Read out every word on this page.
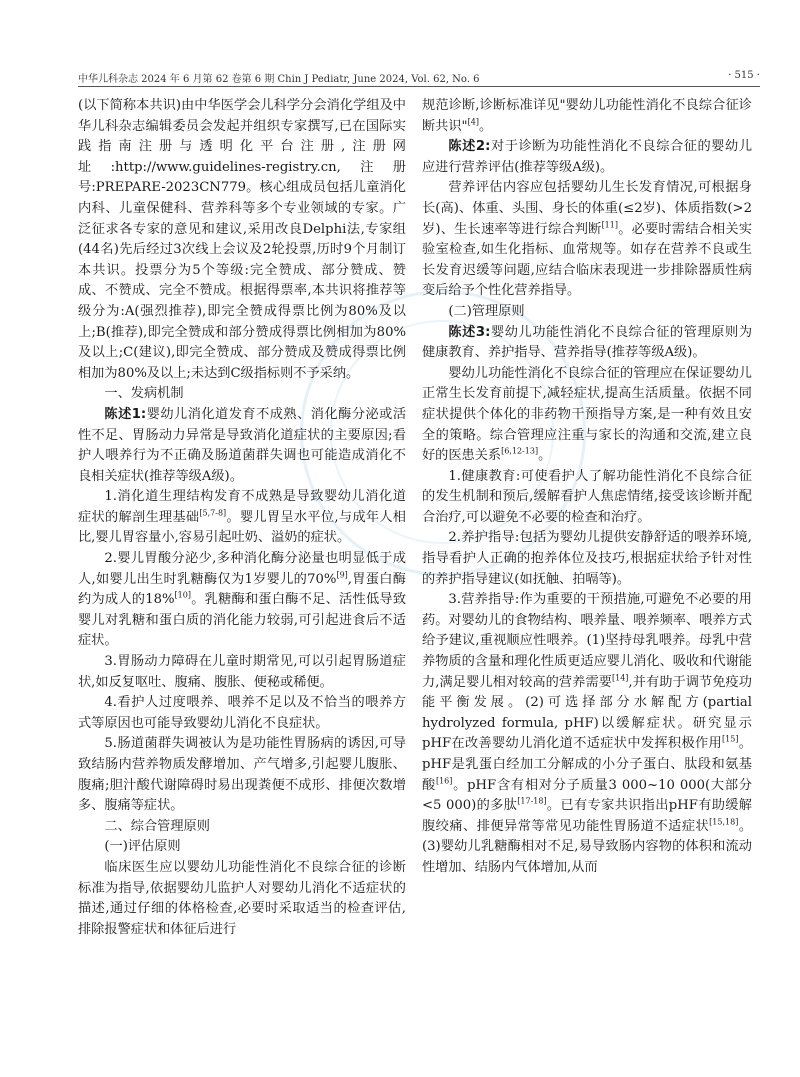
中华儿科杂志 2024 年 6 月第 62 卷第 6 期 Chin J Pediatr, June 2024, Vol. 62, No. 6	· 515 ·

(以下简称本共识)由中华医学会儿科学分会消化学组及中华儿科杂志编辑委员会发起并组织专家撰写,已在国际实践指南注册与透明化平台注册,注册网址:http://www.guidelines-registry.cn,注册号:PREPARE-2023CN779。核心组成员包括儿童消化内科、儿童保健科、营养科等多个专业领域的专家。广泛征求各专家的意见和建议,采用改良Delphi法,专家组(44名)先后经过3次线上会议及2轮投票,历时9个月制订本共识。投票分为5个等级:完全赞成、部分赞成、赞成、不赞成、完全不赞成。根据得票率,本共识将推荐等级分为:A(强烈推荐),即完全赞成得票比例为80%及以上;B(推荐),即完全赞成和部分赞成得票比例相加为80%及以上;C(建议),即完全赞成、部分赞成及赞成得票比例相加为80%及以上;未达到C级指标则不予采纳。

一、发病机制

陈述1:婴幼儿消化道发育不成熟、消化酶分泌或活性不足、胃肠动力异常是导致消化道症状的主要原因;看护人喂养行为不正确及肠道菌群失调也可能造成消化不良相关症状(推荐等级A级)。

1.消化道生理结构发育不成熟是导致婴幼儿消化道症状的解剖生理基础[5,7-8]。婴儿胃呈水平位,与成年人相比,婴儿胃容量小,容易引起吐奶、溢奶的症状。

2.婴儿胃酸分泌少,多种消化酶分泌量也明显低于成人,如婴儿出生时乳糖酶仅为1岁婴儿的70%[9],胃蛋白酶约为成人的18%[10]。乳糖酶和蛋白酶不足、活性低导致婴儿对乳糖和蛋白质的消化能力较弱,可引起进食后不适症状。

3.胃肠动力障碍在儿童时期常见,可以引起胃肠道症状,如反复呕吐、腹痛、腹胀、便秘或稀便。

4.看护人过度喂养、喂养不足以及不恰当的喂养方式等原因也可能导致婴幼儿消化不良症状。

5.肠道菌群失调被认为是功能性胃肠病的诱因,可导致结肠内营养物质发酵增加、产气增多,引起婴儿腹胀、腹痛;胆汁酸代谢障碍时易出现粪便不成形、排便次数增多、腹痛等症状。

二、综合管理原则
(一)评估原则

临床医生应以婴幼儿功能性消化不良综合征的诊断标准为指导,依据婴幼儿监护人对婴幼儿消化不适症状的描述,通过仔细的体格检查,必要时采取适当的检查评估,排除报警症状和体征后进行

规范诊断,诊断标准详见"婴幼儿功能性消化不良综合征诊断共识"[4]。

陈述2:对于诊断为功能性消化不良综合征的婴幼儿应进行营养评估(推荐等级A级)。

营养评估内容应包括婴幼儿生长发育情况,可根据身长(高)、体重、头围、身长的体重(≤2岁)、体质指数(>2岁)、生长速率等进行综合判断[11]。必要时需结合相关实验室检查,如生化指标、血常规等。如存在营养不良或生长发育迟缓等问题,应结合临床表现进一步排除器质性病变后给予个性化营养指导。

(二)管理原则

陈述3:婴幼儿功能性消化不良综合征的管理原则为健康教育、养护指导、营养指导(推荐等级A级)。

婴幼儿功能性消化不良综合征的管理应在保证婴幼儿正常生长发育前提下,减轻症状,提高生活质量。依据不同症状提供个体化的非药物干预指导方案,是一种有效且安全的策略。综合管理应注重与家长的沟通和交流,建立良好的医患关系[6,12-13]。

1.健康教育:可使看护人了解功能性消化不良综合征的发生机制和预后,缓解看护人焦虑情绪,接受该诊断并配合治疗,可以避免不必要的检查和治疗。

2.养护指导:包括为婴幼儿提供安静舒适的喂养环境,指导看护人正确的抱养体位及技巧,根据症状给予针对性的养护指导建议(如抚触、拍嗝等)。

3.营养指导:作为重要的干预措施,可避免不必要的用药。对婴幼儿的食物结构、喂养量、喂养频率、喂养方式给予建议,重视顺应性喂养。(1)坚持母乳喂养。母乳中营养物质的含量和理化性质更适应婴儿消化、吸收和代谢能力,满足婴儿相对较高的营养需要[14],并有助于调节免疫功能平衡发展。(2)可选择部分水解配方(partial hydrolyzed formula, pHF)以缓解症状。研究显示pHF在改善婴幼儿消化道不适症状中发挥积极作用[15]。pHF是乳蛋白经加工分解成的小分子蛋白、肽段和氨基酸[16]。pHF含有相对分子质量3 000~10 000(大部分<5 000)的多肽[17-18]。已有专家共识指出pHF有助缓解腹绞痛、排便异常等常见功能性胃肠道不适症状[15,18]。(3)婴幼儿乳糖酶相对不足,易导致肠内容物的体积和流动性增加、结肠内气体增加,从而
